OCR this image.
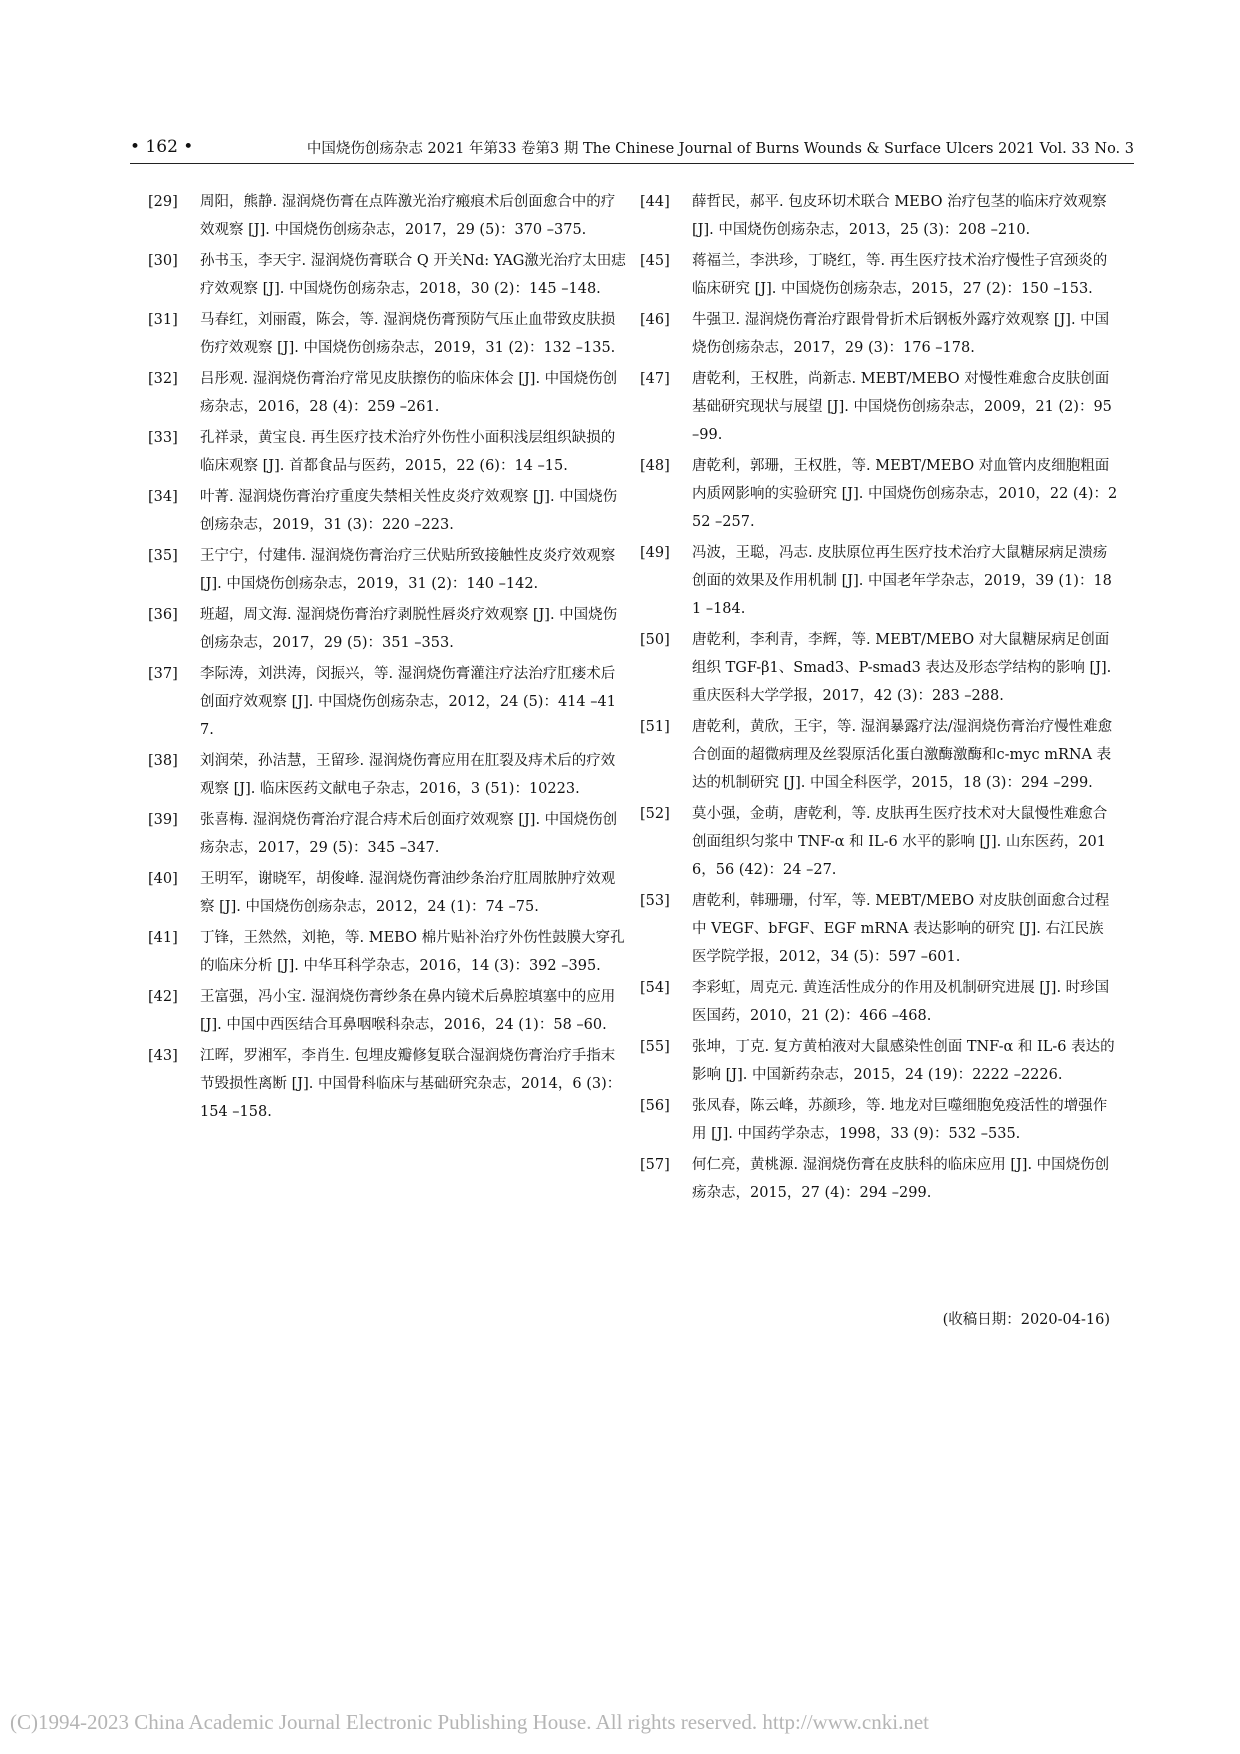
• 162 •	中国烧伤创疡杂志 2021 年第33 卷第3 期 The Chinese Journal of Burns Wounds & Surface Ulcers 2021 Vol. 33 No. 3
[29] 周阳，熊静. 湿润烧伤膏在点阵激光治疗瘢痕术后创面愈合中的疗效观察 [J]. 中国烧伤创疡杂志，2017，29 (5)：370 –375.
[30] 孙书玉，李天宇. 湿润烧伤膏联合 Q 开关Nd: YAG激光治疗太田痣疗效观察 [J]. 中国烧伤创疡杂志，2018，30 (2)：145 –148.
[31] 马春红，刘丽霞，陈会，等. 湿润烧伤膏预防气压止血带致皮肤损伤疗效观察 [J]. 中国烧伤创疡杂志，2019，31 (2)：132 –135.
[32] 吕彤观. 湿润烧伤膏治疗常见皮肤擦伤的临床体会 [J]. 中国烧伤创疡杂志，2016，28 (4)：259 –261.
[33] 孔祥录，黄宝良. 再生医疗技术治疗外伤性小面积浅层组织缺损的临床观察 [J]. 首都食品与医药，2015，22 (6)：14 –15.
[34] 叶菁. 湿润烧伤膏治疗重度失禁相关性皮炎疗效观察 [J]. 中国烧伤创疡杂志，2019，31 (3)：220 –223.
[35] 王宁宁，付建伟. 湿润烧伤膏治疗三伏贴所致接触性皮炎疗效观察 [J]. 中国烧伤创疡杂志，2019，31 (2)：140 –142.
[36] 班超，周文海. 湿润烧伤膏治疗剥脱性唇炎疗效观察 [J]. 中国烧伤创疡杂志，2017，29 (5)：351 –353.
[37] 李际涛，刘洪涛，闵振兴，等. 湿润烧伤膏灌注疗法治疗肛瘘术后创面疗效观察 [J]. 中国烧伤创疡杂志，2012，24 (5)：414 –417.
[38] 刘润荣，孙洁慧，王留珍. 湿润烧伤膏应用在肛裂及痔术后的疗效观察 [J]. 临床医药文献电子杂志，2016，3 (51)：10223.
[39] 张喜梅. 湿润烧伤膏治疗混合痔术后创面疗效观察 [J]. 中国烧伤创疡杂志，2017，29 (5)：345 –347.
[40] 王明军，谢晓军，胡俊峰. 湿润烧伤膏油纱条治疗肛周脓肿疗效观察 [J]. 中国烧伤创疡杂志，2012，24 (1)：74 –75.
[41] 丁锋，王然然，刘艳，等. MEBO 棉片贴补治疗外伤性鼓膜大穿孔的临床分析 [J]. 中华耳科学杂志，2016，14 (3)：392 –395.
[42] 王富强，冯小宝. 湿润烧伤膏纱条在鼻内镜术后鼻腔填塞中的应用 [J]. 中国中西医结合耳鼻咽喉科杂志，2016，24 (1)：58 –60.
[43] 江晖，罗湘军，李肖生. 包埋皮瓣修复联合湿润烧伤膏治疗手指末节毁损性离断 [J]. 中国骨科临床与基础研究杂志，2014，6 (3)：154 –158.
[44] 薛哲民，郝平. 包皮环切术联合 MEBO 治疗包茎的临床疗效观察 [J]. 中国烧伤创疡杂志，2013，25 (3)：208 –210.
[45] 蒋福兰，李洪珍，丁晓红，等. 再生医疗技术治疗慢性子宫颈炎的临床研究 [J]. 中国烧伤创疡杂志，2015，27 (2)：150 –153.
[46] 牛强卫. 湿润烧伤膏治疗跟骨骨折术后钢板外露疗效观察 [J]. 中国烧伤创疡杂志，2017，29 (3)：176 –178.
[47] 唐乾利，王权胜，尚新志. MEBT/MEBO 对慢性难愈合皮肤创面基础研究现状与展望 [J]. 中国烧伤创疡杂志，2009，21 (2)：95 –99.
[48] 唐乾利，郭珊，王权胜，等. MEBT/MEBO 对血管内皮细胞粗面内质网影响的实验研究 [J]. 中国烧伤创疡杂志，2010，22 (4)：252 –257.
[49] 冯波，王聪，冯志. 皮肤原位再生医疗技术治疗大鼠糖尿病足溃疡创面的效果及作用机制 [J]. 中国老年学杂志，2019，39 (1)：181 –184.
[50] 唐乾利，李利青，李辉，等. MEBT/MEBO 对大鼠糖尿病足创面组织 TGF-β1、Smad3、P-smad3 表达及形态学结构的影响 [J]. 重庆医科大学学报，2017，42 (3)：283 –288.
[51] 唐乾利，黄欣，王宇，等. 湿润暴露疗法/湿润烧伤膏治疗慢性难愈合创面的超微病理及丝裂原活化蛋白激酶激酶和c-myc mRNA 表达的机制研究 [J]. 中国全科医学，2015，18 (3)：294 –299.
[52] 莫小强，金萌，唐乾利，等. 皮肤再生医疗技术对大鼠慢性难愈合创面组织匀浆中 TNF-α 和 IL-6 水平的影响 [J]. 山东医药，2016，56 (42)：24 –27.
[53] 唐乾利，韩珊珊，付军，等. MEBT/MEBO 对皮肤创面愈合过程中 VEGF、bFGF、EGF mRNA 表达影响的研究 [J]. 右江民族医学院学报，2012，34 (5)：597 –601.
[54] 李彩虹，周克元. 黄连活性成分的作用及机制研究进展 [J]. 时珍国医国药，2010，21 (2)：466 –468.
[55] 张坤，丁克. 复方黄柏液对大鼠感染性创面 TNF-α 和 IL-6 表达的影响 [J]. 中国新药杂志，2015，24 (19)：2222 –2226.
[56] 张凤春，陈云峰，苏颜珍，等. 地龙对巨噬细胞免疫活性的增强作用 [J]. 中国药学杂志，1998，33 (9)：532 –535.
[57] 何仁亮，黄桃源. 湿润烧伤膏在皮肤科的临床应用 [J]. 中国烧伤创疡杂志，2015，27 (4)：294 –299.
(收稿日期：2020-04-16)
(C)1994-2023 China Academic Journal Electronic Publishing House. All rights reserved. http://www.cnki.net
